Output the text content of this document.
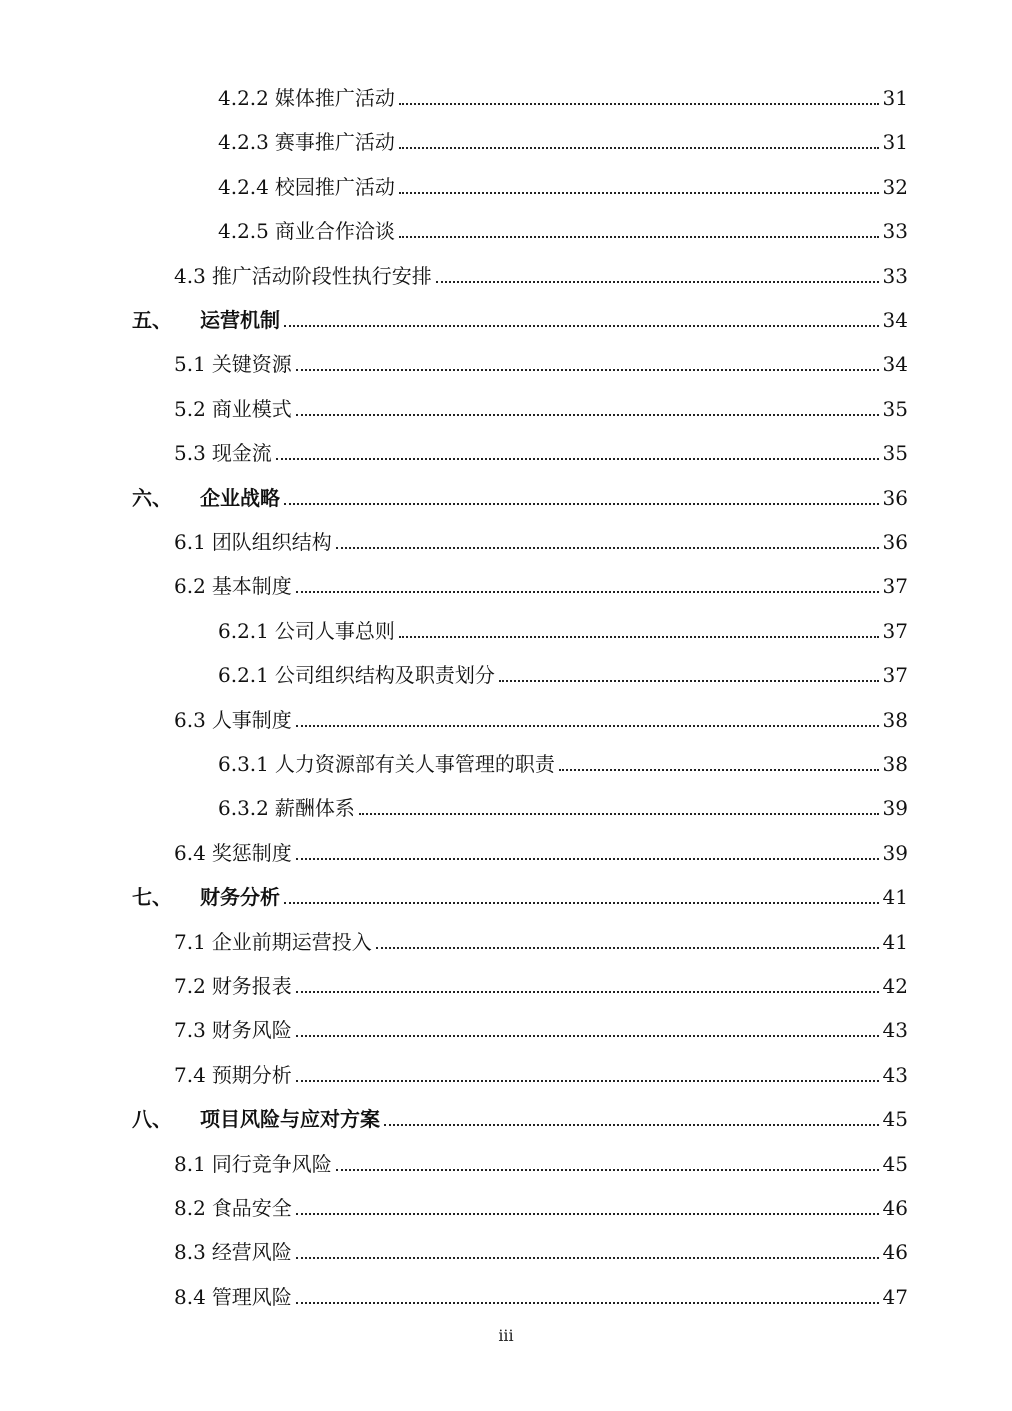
4.2.2 媒体推广活动	31
4.2.3 赛事推广活动	31
4.2.4 校园推广活动	32
4.2.5 商业合作洽谈	33
4.3 推广活动阶段性执行安排	33
五、	运营机制	34
5.1 关键资源	34
5.2 商业模式	35
5.3 现金流	35
六、	企业战略	36
6.1 团队组织结构	36
6.2 基本制度	37
6.2.1 公司人事总则	37
6.2.1 公司组织结构及职责划分	37
6.3 人事制度	38
6.3.1 人力资源部有关人事管理的职责	38
6.3.2 薪酬体系	39
6.4 奖惩制度	39
七、	财务分析	41
7.1 企业前期运营投入	41
7.2 财务报表	42
7.3 财务风险	43
7.4 预期分析	43
八、	项目风险与应对方案	45
8.1 同行竞争风险	45
8.2 食品安全	46
8.3 经营风险	46
8.4 管理风险	47
iii
